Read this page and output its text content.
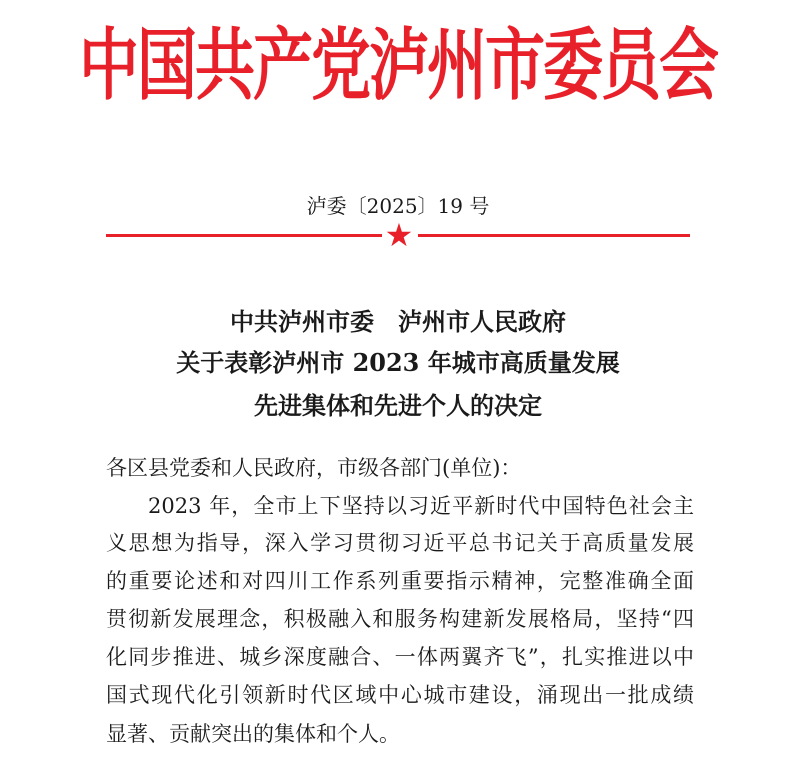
中国共产党泸州市委员会
泸委〔2025〕19 号
★
中共泸州市委　泸州市人民政府
关于表彰泸州市 2023 年城市高质量发展
先进集体和先进个人的决定
各区县党委和人民政府，市级各部门(单位)：
2023 年，全市上下坚持以习近平新时代中国特色社会主
义思想为指导，深入学习贯彻习近平总书记关于高质量发展
的重要论述和对四川工作系列重要指示精神，完整准确全面
贯彻新发展理念，积极融入和服务构建新发展格局，坚持“四
化同步推进、城乡深度融合、一体两翼齐飞”，扎实推进以中
国式现代化引领新时代区域中心城市建设，涌现出一批成绩
显著、贡献突出的集体和个人。
